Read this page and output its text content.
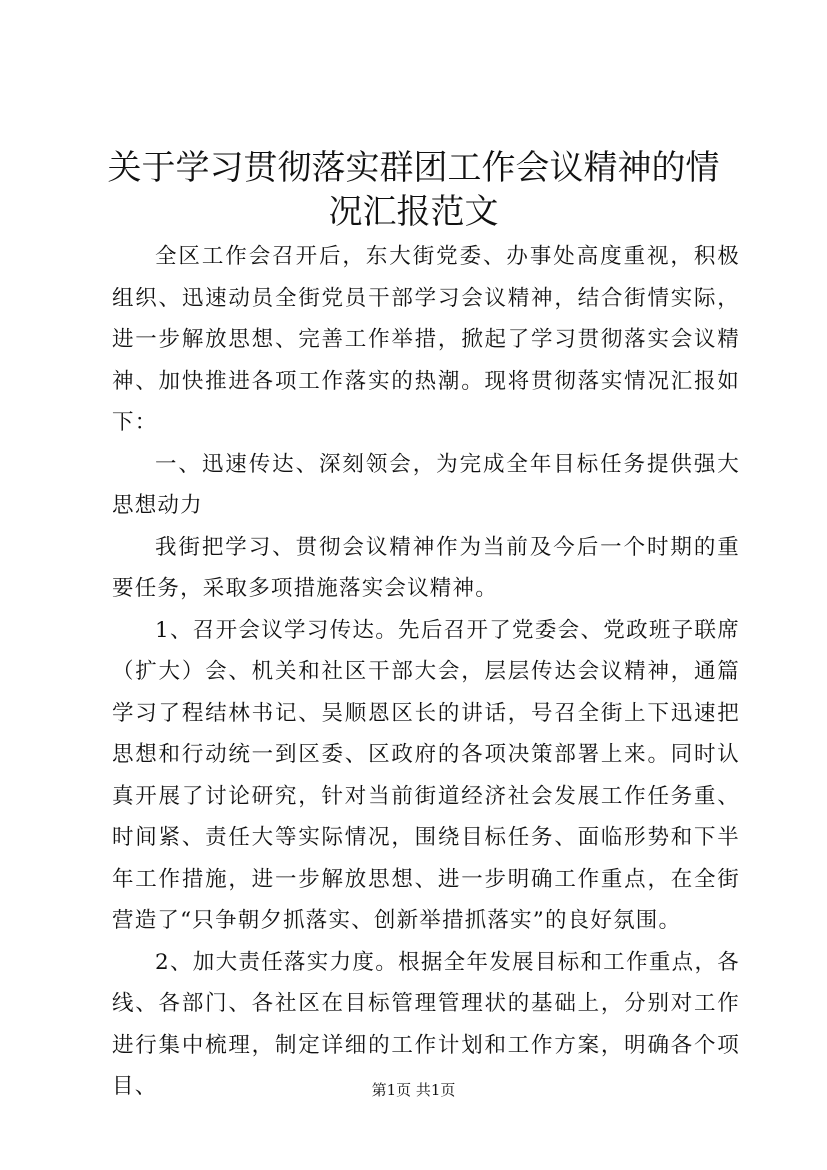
关于学习贯彻落实群团工作会议精神的情况汇报范文

全区工作会召开后，东大街党委、办事处高度重视，积极组织、迅速动员全街党员干部学习会议精神，结合街情实际，进一步解放思想、完善工作举措，掀起了学习贯彻落实会议精神、加快推进各项工作落实的热潮。现将贯彻落实情况汇报如下：

一、迅速传达、深刻领会，为完成全年目标任务提供强大思想动力

我街把学习、贯彻会议精神作为当前及今后一个时期的重要任务，采取多项措施落实会议精神。

1、召开会议学习传达。先后召开了党委会、党政班子联席（扩大）会、机关和社区干部大会，层层传达会议精神，通篇学习了程结林书记、吴顺恩区长的讲话，号召全街上下迅速把思想和行动统一到区委、区政府的各项决策部署上来。同时认真开展了讨论研究，针对当前街道经济社会发展工作任务重、时间紧、责任大等实际情况，围绕目标任务、面临形势和下半年工作措施，进一步解放思想、进一步明确工作重点，在全街营造了“只争朝夕抓落实、创新举措抓落实”的良好氛围。

2、加大责任落实力度。根据全年发展目标和工作重点，各线、各部门、各社区在目标管理管理状的基础上，分别对工作进行集中梳理，制定详细的工作计划和工作方案，明确各个项目、	第1页 共1页
